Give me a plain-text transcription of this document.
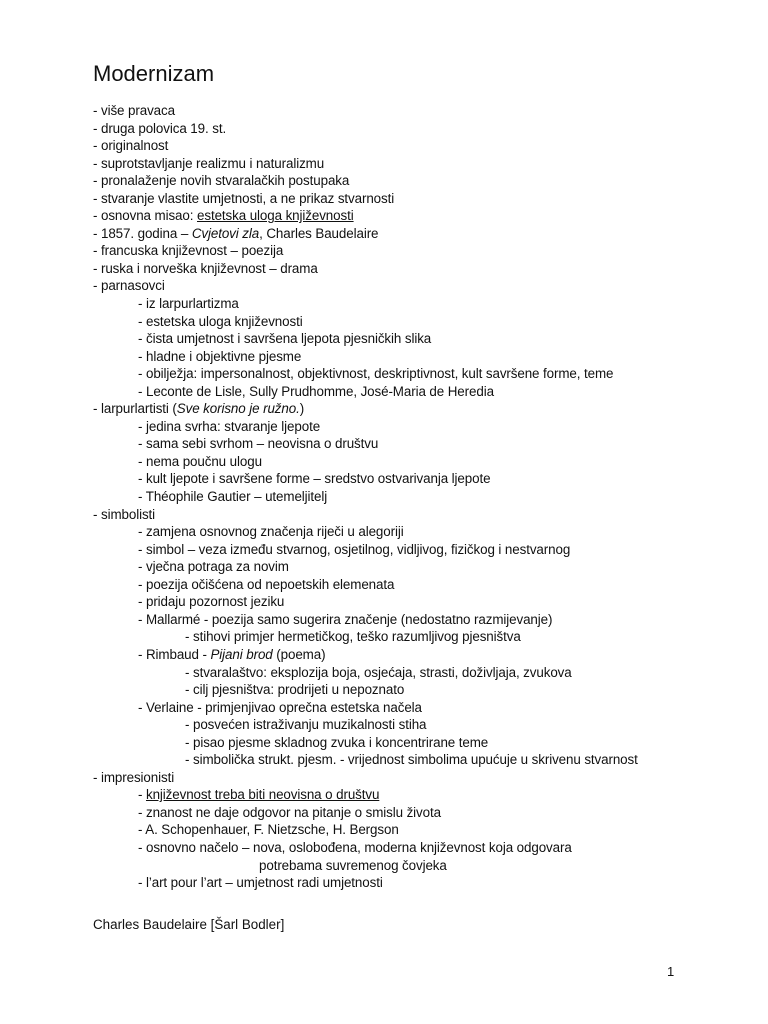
Modernizam
- više pravaca
- druga polovica 19. st.
- originalnost
- suprotstavljanje realizmu i naturalizmu
- pronalaženje novih stvaralačkih postupaka
- stvaranje vlastite umjetnosti, a ne prikaz stvarnosti
- osnovna misao: estetska uloga književnosti
- 1857. godina – Cvjetovi zla, Charles Baudelaire
- francuska književnost – poezija
- ruska i norveška književnost – drama
- parnasovci
- iz larpurlartizma
- estetska uloga književnosti
- čista umjetnost i savršena ljepota pjesničkih slika
- hladne i objektivne pjesme
- obilježja: impersonalnost, objektivnost, deskriptivnost, kult savršene forme, teme
- Leconte de Lisle, Sully Prudhomme, José-Maria de Heredia
- larpurlartisti (Sve korisno je ružno.)
- jedina svrha: stvaranje ljepote
- sama sebi svrhom – neovisna o društvu
- nema poučnu ulogu
- kult ljepote i savršene forme – sredstvo ostvarivanja ljepote
- Théophile Gautier – utemeljitelj
- simbolisti
- zamjena osnovnog značenja riječi u alegoriji
- simbol – veza između stvarnog, osjetilnog, vidljivog, fizičkog i nestvarnog
- vječna potraga za novim
- poezija očišćena od nepoetskih elemenata
- pridaju pozornost jeziku
- Mallarmé - poezija samo sugerira značenje (nedostatno razmijevanje)
- stihovi primjer hermetičkog, teško razumljivog pjesništva
- Rimbaud - Pijani brod (poema)
- stvaralaštvo: eksplozija boja, osjećaja, strasti, doživljaja, zvukova
- cilj pjesništva: prodrijeti u nepoznato
- Verlaine - primjenjivao oprečna estetska načela
- posvećen istraživanju muzikalnosti stiha
- pisao pjesme skladnog zvuka i koncentrirane teme
- simbolička strukt. pjesm. - vrijednost simbolima upućuje u skrivenu stvarnost
- impresionisti
- književnost treba biti neovisna o društvu
- znanost ne daje odgovor na pitanje o smislu života
- A. Schopenhauer, F. Nietzsche, H. Bergson
- osnovno načelo – nova, oslobođena, moderna književnost koja odgovara
potrebama suvremenog čovjeka
- l’art pour l’art – umjetnost radi umjetnosti
Charles Baudelaire [Šarl Bodler]
1
